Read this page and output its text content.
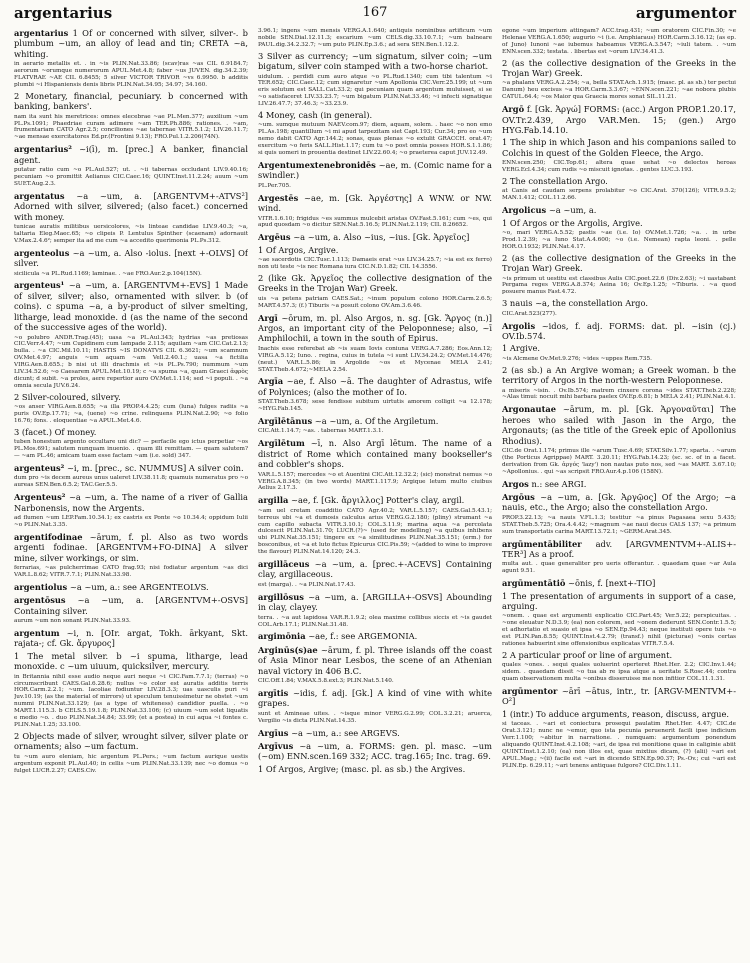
argentarius	167	argumentor

argentarius 1 Of or concerned with silver, silver-. b plumbum ~um, an alloy of lead and tin; CRETA ~a, whiting.

in aerario metallis et. . in ~is PLIN.Nat.33.86; (scav)ras ~as CIL 6.9184.7; aerorum ~orumque numerorum APUL.Met.4.8; faber ~us JUVEN. dig.34.2.39; FLATVRAE ~AE CIL 6.8455; 5 silver VICTOR TRIVOR ~vs 6.9950. b additis plumbi ~i Hispaniensis denis libris PLIN.Nat.34.95; 34.97; 34.160.

2 Monetary, financial, pecuniary. b concerned with banking, bankers'.

nam ita sunt his meretrices: omnes elecebrae ~ae PL.Men.377; auxilium ~um PL.Ps.1091; Phaedriae curam adimere ~am TER.Ph.886; rationes. . ~am, frumentariam CATO Agr.2.5; conciliones ~ae tabernae VITR.5.1.2; LIV.26.11.7; ~ae mensae exercitatores Ed.pr.(Frontini 9.13); FRO.Pul.1.2.206(74N).

argentarius² ~i(ī), m. [prec.] A banker, financial agent.

putatur ratio cum ~o PL.Aul.527; ut. . ~ii tabernas occludant LIV.9.40.16; pecuniam ~o promittit Aelianus CIC.Caec.16; QUINT.Inst.11.2.24; auum ~um SUET.Aug.2.3.

argentatus ~a ~um, a. [ARGENTVM+-ATVS²] Adorned with silver, silvered; (also facet.) concerned with money.

tunicae auratis militibus uersicolores, ~is linteae candidae LIV.9.40.3; ~a, taltaria Eleg.Maec.65; ~o clipeis P. Lentulus Spinther (scaenam) adornauit V.Max.2.4.6²; semper ita ad me cum ~a accedito querimonia PL.Ps.312.

argenteolus ~a ~um, a. Also -iolus. [next +-OLVS] Of silver.

sicilicula ~a PL.Rud.1169; laminae. . ~ae FRO.Aur.2.p.104(15N).

argenteus¹ ~a ~um, a. [ARGENTVM+-EVS] 1 Made of silver, silver; also, ornamented with silver. b (of coins). c spuma ~a, a by-product of silver smelting, litharge, lead monoxide. d (as the name of the second of the successive ages of the world).

~o polubro ANDR.Trag.(45); uasa ~a PL.Aul.343; hydrias ~as pretiosas CIC.Verr.4.47; ~um Cupidinem cum lampade 2.115; aquilam ~am CIC.Cat.2.13; bulla. . ~a CIC.Mil.10.11; HASTIS ~IS DONATVS CIL 6.3621; ~um scamnum OV.Met.4.97; anguis ~um aquam ~am Vell.2.40.1.; uasa ~a fictilia VIRG.Aen.8.655.; b nisi ut illi drachmis et ~is PL.Ps.790; nummum ~um LIV.34.52.6; ~o Caesarem APUL.Met.10.19; c ~a spuma ~a, quam Graeci ἀφρὸς dicunt; d subit. ~a proles, aere repertior auro OV.Met.1.114; sed ~i populi. . ~a omnia secula JUV.6.24.

2 Silver-coloured, silvery.

~os anser VIRG.Aen.8.655; ~a illa PROP.4.4.25; cum (luna) fulges radiis ~a puris OV.Ep.17.71; ~a, (uene) ~o crine. relinquens PLIN.Nat.2.90; ~o folio 16.76; fons. . eloquentiae ~a APUL.Met.4.6.

3 (facet.) Of money.

tuben honestum argento occultare uni dic? — perfacile ego ictus perpetiar ~os PL.Mos.691; salutem nunquam inuenio. . quam illi remittam. — quam salutem? — ~am PL.46; amicam tuam esse factam ~am (i.e. sold) 347.

argenteus² ~i, m. [prec., sc. NUMMUS] A silver coin.

dum pro ~is decem aureus unus ualeret LIV.38.11.8; quamuis numeratus pro ~o aureas SEN.Ben.6.5.2; TAC.Ger.5.5.

Argenteus² ~a ~um, a. The name of a river of Gallia Narbonensis, now the Argents.

ad flumen ~um LEP.Fam.10.34.1; ex castris ex Ponte ~o 10.34.4; oppidum Iulii ~o PLIN.Nat.3.35.

argentifodinae ~ārum, f. pl. Also as two words argenti fodinae. [ARGENTVM+FO-DINA] A silver mine, silver workings, or sim.

ferrarias, ~as pulcherrimae CATO frag.93; nisi fodiatur argentum ~as dici VAR.L.8.62; VITR.7.7.1; PLIN.Nat.33.98.

argentiolus ~a ~um, a.: see ARGENTEOLVS.

argentōsus ~a ~um, a. [ARGENTVM+-OSVS] Containing silver.

aurum ~um non sonant PLIN.Nat.33.93.

argentum ~i, n. [OIr. argat, Tokh. ārkyant, Skt. rajata-; cf. Gk. ἄργυρος]

1 The metal silver. b ~i spuma, litharge, lead monoxide. c ~um uiuum, quicksilver, mercury.

in Britannia nihil esse audio neque auri neque ~i CIC.Fam.7.7.1; (terras) ~o circumscribunt CAES.Gal.6.28.6; nullus ~o color est auratis additis terris HOR.Carm.2.2.1; ~um. Iacoliae fodiuntur LIV.28.3.3; uas uasculis puri ~i Juv.10.19; (as the material of mirrors) ut speculum tenuissimetur ne obstet ~um nummi PLIN.Nat.33.129; (as a type of whiteness) candidior puella. . ~o MART.1.115.3. b CELS.5.19.1.8; PLIN.Nat.33.106; (c) uiuum ~um solet liquatis e medio ~o. . duo PLIN.Nat.34.84; 33.99; (et a postea) in cui aqua ~i fontes c. PLIN.Nat.1.25; 33.100.

2 Objects made of silver, wrought silver, silver plate or ornaments; also ~um factum.

tu ~um auro eleniam, hic argentum PL.Pers.; ~um factum aurique uestis argentum exponit PL.Aul.40; in cellis ~um PLIN.Nat.33.139; nec ~o domus ~o fulget LUCR.2.27; CAES.Civ.

3.96.1; ingens ~um mensis VERG.A.1.640; antiquis nominibus artificum ~um nobile SEN.Dial.12.11.3; escarium ~um CELS.dig.33.10.7.1; ~um balneare PAUL.dig.34.2.32.7; ~um puto PLIN.Ep.3.6.; ad sera SEN.Ben.1.12.2.

3 Silver as currency; ~um signatum, silver coin; ~um bigatum, silver coin stamped with a two-horse chariot.

uidulum. . perdidi cum auro atque ~o PL.Rud.1340; cum tibi talentum ~i TER.652; CIC.Caec.12; cum signaretur ~um Apollonia CIC.Verr.25.199; ut ~um eris solutum est SALL.Cat.33.2; qui pecuniam quam argentum muluisset, si se ~o satisfaceret LIV.33.23.7; ~um bigatum PLIN.Nat.33.46; ~i infecti signatique LIV.26.47.7; 37.46.3; ~33.23.9.

4 Money, cash (in general).

~um. sumque mutuum NAEV.com.97; diem, aquam, solem. . haec ~o non emo PL.As.198; quantillum ~i mi apud tarpezitam siet Capt.193; Cur.34; pro eo ~um nemo dabit CATO Agr.144.2; sonas, quas plenas ~o extulit GRACCH. orat.47; exercitum ~o feris SALL.Hist.1.17; cum tu ~o post omnia posses HOR.S.1.1.86; si quis uomeri in prouentia destinet LIV.22.60.4; ~o praeterea caput JUV.12.49.

Argentumextenebronidēs ~ae, m. (Comic name for a swindler.)

PL.Per.705.

Argestēs ~ae, m. [Gk. Ἀργέστης] A WNW. or NW. wind.

VITR.1.6.10; frigidus ~es summus mulcebit aristas OV.Fast.5.161; cum ~es, qui apud quosdam ~o dicitur SEN.Nat.5.16.5; PLIN.Nat.2.119; CIL 8.26652.

Argēus ~a ~um, a. Also ~ius, ~ius. [Gk. Ἀργεῖος]

1 Of Argos, Argive.

~ae sacerdotis CIC.Tusc.1.113; Damaeis erat ~us LIV.34.25.7; ~ia est ex ferro) non uti teste ~is nec Romana iura CIC.N.D.1.82; CIL 14.3556.

2 (like Gk. Ἀργεῖος the collective designation of the Greeks in the Trojan War) Greek.

uis ~a petens patriam CAES.Sat.; ~inum populum colono HOR.Carm.2.6.5; MART.4.57.3; (f.) Tiburis ~a posuit colono OV.Am.3.6.46.

Argī ~ōrum, m. pl. Also Argos, n. sg. [Gk. Ἄργος (n.)] Argos, an important city of the Peloponnese; also, ~ī Amphilochii, a town in the south of Epirus.

Inachis esse referebat ab ~is suam Iovis coniuna VERG.A.7.286; Eos.Ann.12; VIRG.A.5.12; Iuno. . regina, cuius in tutela ~i sunt LIV.34.24.2; OV.Met.14.476; (neut.) VAR.L.5.86; in Argolide ~os et Mycenae MELA 2.41; STAT.Theb.4.672;~MELA 2.54.

Argīa ~ae, f. Also ~ā. The daughter of Adrastus, wife of Polynices; (also the mother of Io.

STAT.Theb.3.678; sese fendisse subitum uirtutis amorem colligit ~a 12.178; ~HYG.Fab.145.

Argīlētānus ~a ~um, a. Of the Argiletum.

CIC.Att.1.14.7; ~as. . tabernas MART.1.3.1.

Argīlētum ~ī, n. Also Argī lētum. The name of a district of Rome which contained many bookseller's and cobbler's shops.

VAR.L.5.157; mercedes ~o et Auentini CIC.Att.12.32.2; (sic) monstrat nemus ~o VERG.A.8.345; (in two words) MART.1.117.9; Argique letum multo ciuibus Aelius 2.17.3.

argilla ~ae, f. [Gk. ἄργιλλος] Potter's clay, argil.

~am uel cretam coadditio CATO Agr.40.2; VAR.L.5.157; CAES.Gal.5.43.1; terreus ubi ~a et dumosis calculus arius VERG.G.2.180; (pliny) strumant ~a cum capillo subacta VITR.3.10.1; COL.3.11.9; marina aqua ~a percolata dulcescit PLIN.Nat.31.70; LUCR.(?)~ (used for modelling) ~a quibus inhibens ubi PLIN.Nat.35.151; tingere ex ~a similitudines PLIN.Nat.35.151; (erm.) for bosconibus, et ~a et luto fictus Epicurus CIC.Pis.59; ~(added to wine to improve the flavour) PLIN.Nat.14.120; 24.3.

argillāceus ~a ~um, a. [prec.+-ACEVS] Containing clay, argillaceous.

est (marga). . ~a PLIN.Nat.17.43.

argillōsus ~a ~um, a. [ARGILLA+-OSVS] Abounding in clay, clayey.

terra. . ~a aut lapidosa VAR.R.1.9.2; olea maxime collibus siccis et ~is gaudet COL.Arb.17.1; PLIN.Nat.31.48.

argimōnia ~ae, f.: see ARGEMONIA.

Arginūs(s)ae ~ārum, f. pl. Three islands off the coast of Asia Minor near Lesbos, the scene of an Athenian naval victory in 406 B.C.

CIC.Off.1.84; V.MAX.5.8.ext.3; PLIN.Nat.5.140.

argītis ~idis, f. adj. [Gk.] A kind of vine with white grapes.

sunt et Amineae uites. . ~isque minor VERG.G.2.99; COL.3.2.21; aruerca, Vergilio ~is dicta PLIN.Nat.14.35.

Argīus ~a ~um, a.: see ARGEVS.

Argīvus ~a ~um, a. FORMS: gen. pl. masc. ~um (~om) ENN.scen.169 332; ACC. trag.165; Inc. trag. 69.

1 Of Argos, Argive; (masc. pl. as sb.) the Argives.

egone ~um imperium attingam? ACC.trag.431; ~um oratorem CIC.Fin.30; ~e Helenae VERG.A.1.650; augurio ~i (i.e. Amphiaraus) HOR.Carm.3.16.12; (as ep. of Juno) Iunoni ~ae iubemus habeamus VERG.A.3.547; ~iuli tatem. . ~um ENN.scen.332; testata. . libertas est ~orum LIV.34.41.3.

2 (as the collective designation of the Greeks in the Trojan War) Greek.

~a phalanx VERG.A.2.254; ~a, bella STAT.Ach.1.915; (masc. pl. as sb.) ter pectui Danum) heu excisus ~a HOR.Carm.3.3.67; ~ENN.scen.221; ~ae nobora plubis CATUL.64.4; ~os Maior qua Graecia mores sonat SIL.11.21.

Argō f. [Gk. Ἀργώ] FORMS: (acc.) Argon PROP.1.20.17, OV.Tr.2.439, Argo VAR.Men. 15; (gen.) Argo HYG.Fab.14.10.

1 The ship in which Jason and his companions sailed to Colchis in quest of the Golden Fleece, the Argo.

ENN.scen.250; CIC.Top.61; altera quae uehat ~o delectos heroas VERG.Ecl.4.34; cum rudis ~o miscuit ignotas. . gentes LUC.3.193.

2 The constellation Argo.

at Canis ad caudam serpens prolabitur ~o CIC.Arat. 370(126); VITR.9.5.2; MAN.1.412; COL.11.2.66.

Argolicus ~a ~um, a.

1 Of Argos or the Argolis, Argive.

~o, mari VERG.A.5.52; pastis ~ae (i.e. Io) OV.Met.1.726; ~a. . in urbe Prod.1.2.39; ~a Iuno Stat.A.4.600; ~o (i.e. Nemean) rapta leoni. . pelle HOR.O.1932; PLIN.Nat.4.17.

2 (as the collective designation of the Greeks in the Trojan War) Greek.

~is primum ut uestitu est classibus Aulis CIC.poet.22.6 (Div.2.63); ~i uastabant Pergama reges VERG.A.8.374; Aeina 16; Ov.Ep.1.25; ~Tiburis. . ~a quod posuere manus Fast.4.72.

3 nauis ~a, the constellation Argo.

CIC.Arat.523(277).

Argolis ~idos, f. adj. FORMS: dat. pl. ~isin (cj.) OV.Ib.574.

1 Argive.

~is Alcmene Ov.Met.9.276; ~ides ~uppes Rem.735.

2 (as sb.) a An Argive woman; a Greek woman. b the territory of Argos in the north-western Peloponnese.

a miseris ~isin. . Ov.Ib.574; matrem cinxere corona ~ides STAT.Theb.2.228; ~Alas timui: nocuit mihi barbara paelex OV.Ep.6.81; b MELA 2.41; PLIN.Nat.4.1.

Argonautae ~ārum, m. pl. [Gk. Ἀργοναῦται] The heroes who sailed with Jason in the Argo, the Argonauts; (as the title of the Greek epic of Apollonius Rhodius).

CIC.de Orat.1.174; primus ille ~arum Tusc.4.69; STAT.Silv.1.77; sparta. . ~arum (the Porticus Agrippae) MART. 3.20.11; HYG.Fab.14.23; (sc. sc. of in a facet. derivation from Gk. ἀργός 'lazy') non nautas puto nos, sed ~as MART. 3.67.10; ~Apollonius. . qui ~as scripsit FRO.Aur.4.p.106 (158N).

Argos n.: see ARGI.

Argōus ~a ~um, a. [Gk. Ἀργῷος] Of the Argo; ~a nauis, etc., the Argo; also the constellation Argo.

PROP.3.22.13; ~a nauis V.FL.1.3; testitur ~a pinus Pagasaea sexu 5.435; STAT.Theb.5.725; Ora.4.4.42; ~magnum ~ae naui decus CALS 137; ~a primum sum transportatis carina MART.13.72.1; ~GERM.Arat.345.

argūmentābiliter adv. [ARGVMENTVM+-ALIS+-TER³] As a proof.

multa aut. . quae generaliter pro ueris offerantur. . quaedam quae ~ar Aula agunt 9.51.

argūmentātiō ~ōnis, f. [next+-TIO]

1 The presentation of arguments in support of a case, arguing.

~onem. . quae est argumenti explicatio CIC.Part.45; Ver.5.22; perspicuitas. . ~one eleuatur N.D.3.9; (ea) non colorem, sed ~onem dederunt SEN.Contr.1.5.5; et adhortatio et suasio et ipsa ~o SEN.Ep.94.43; neque instituti opere tuis ~o est PLIN.Pan.8.55; QUINT.Inst.4.2.79; (transf.) nihil (picturae) ~onis certas rationes habuerint sine offensionibus explicatas VITR.7.5.4.

2 A particular proof or line of argument.

quales ~ones. . sequi quales uoluerint operteret Rhet.Her. 2.2; CIC.Inv.1.44; sidem. . quaedam dissit ~o tua ab re ipsa atque a ueritate S.Rosc.44; contra quam observationem multa ~onibus disseruisse me non infitior COL.11.1.31.

argūmentor ~ārī ~ātus, intr., tr. [ARGV-MENTVM+-O²]

1 (intr.) To adduce arguments, reason, discuss, argue.

si taceas. . ~ari et coniectura prosequi paulatim Rhet.Her. 4.47; CIC.de Orat.3.121; nunc ne ~emur, quo ista pecunia peruenerit facili ipse indicium Verr.1.100; ~abitur in narratione. . numquam: argumentum ponendum aliquando QUINT.Inst.4.2.108; ~ari, de ipsa rei monitione quae in caliginie abiit QUINT.Inst.1.2.10; (ea) non illos est, quae mixtius dicam, (?) (alii) ~ari est APUL.Mag.; ~(ii) facile est ~ari in dicendo SEN.Ep.90.37; Ps.-Ov.; cui ~ari est PLIN.Ep. 6.29.11; ~ari tenens antiquae fulgore? CIC.Div.1.11.
